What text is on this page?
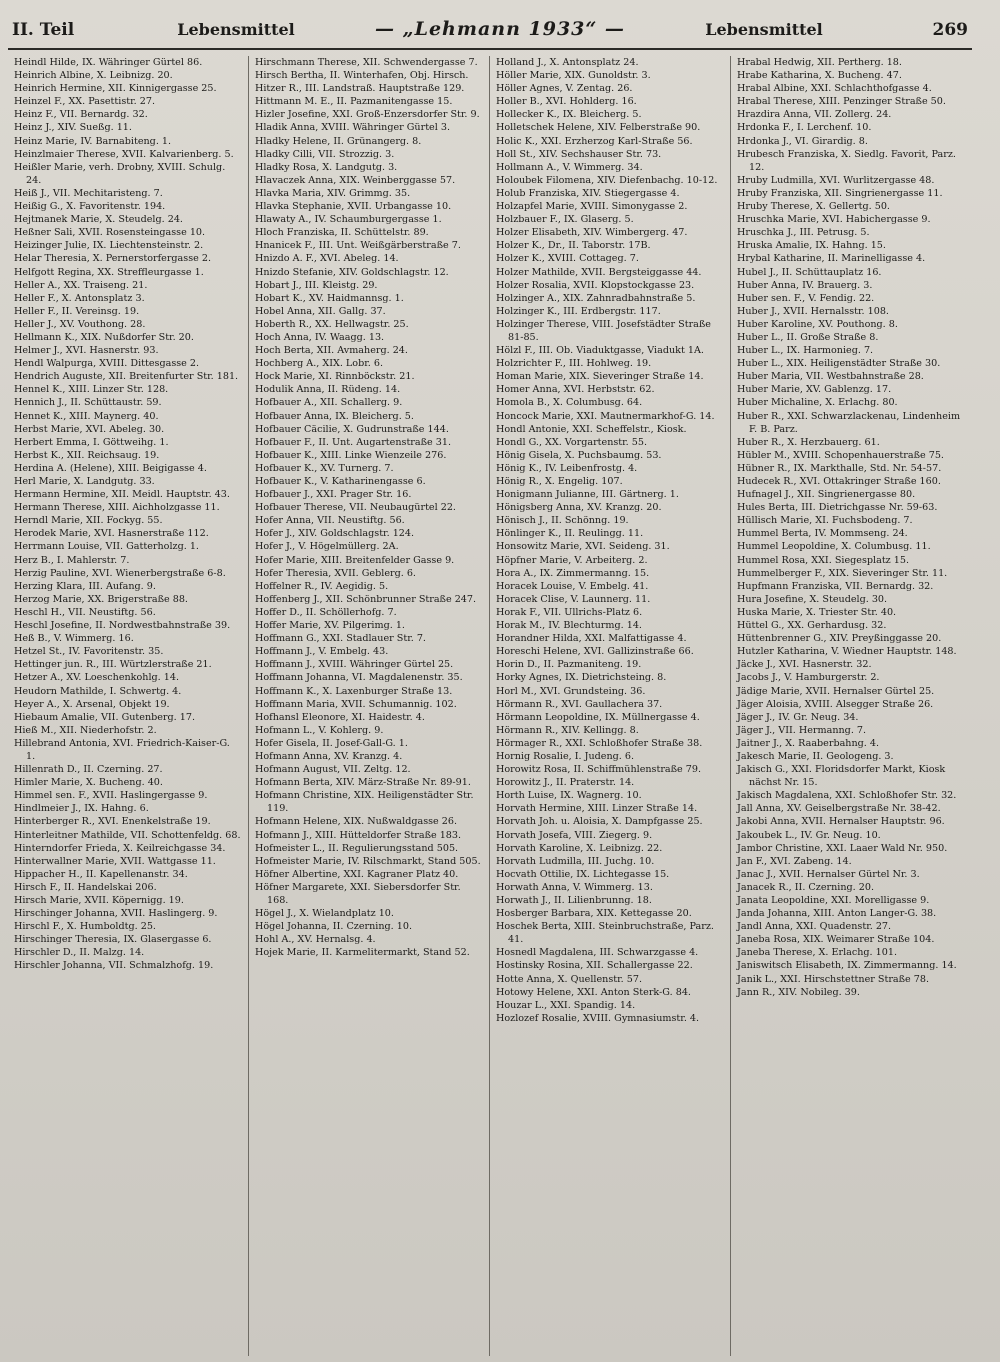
II. Teil	Lebensmittel	— „Lehmann 1933“ —	Lebensmittel	269

Heindl Hilde, IX. Währinger Gürtel 86.

Heinrich Albine, X. Leibnizg. 20.

Heinrich Hermine, XII. Kinnigergasse 25.

Heinzel F., XX. Pasettistr. 27.

Heinz F., VII. Bernardg. 32.

Heinz J., XIV. Sueßg. 11.

Heinz Marie, IV. Barnabiteng. 1.

Heinzlmaier Therese, XVII. Kalvarienberg. 5.

Heißler Marie, verh. Drobny, XVIII. Schulg. 24.

Heiß J., VII. Mechitaristeng. 7.

Heißig G., X. Favoritenstr. 194.

Hejtmanek Marie, X. Steudelg. 24.

Heßner Sali, XVII. Rosensteingasse 10.

Heizinger Julie, IX. Liechtensteinstr. 2.

Helar Theresia, X. Pernerstorfergasse 2.

Helfgott Regina, XX. Streffleurgasse 1.

Heller A., XX. Traiseng. 21.

Heller F., X. Antonsplatz 3.

Heller F., II. Vereinsg. 19.

Heller J., XV. Vouthong. 28.

Hellmann K., XIX. Nußdorfer Str. 20.

Helmer J., XVI. Hasnerstr. 93.

Hendl Walpurga, XVIII. Dittesgasse 2.

Hendrich Auguste, XII. Breitenfurter Str. 181.

Hennel K., XIII. Linzer Str. 128.

Hennich J., II. Schüttaustr. 59.

Hennet K., XIII. Maynerg. 40.

Herbst Marie, XVI. Abeleg. 30.

Herbert Emma, I. Göttweihg. 1.

Herbst K., XII. Reichsaug. 19.

Herdina A. (Helene), XIII. Beigigasse 4.

Herl Marie, X. Landgutg. 33.

Hermann Hermine, XII. Meidl. Hauptstr. 43.

Hermann Therese, XIII. Aichholzgasse 11.

Herndl Marie, XII. Fockyg. 55.

Herodek Marie, XVI. Hasnerstraße 112.

Herrmann Louise, VII. Gatterholzg. 1.

Herz B., I. Mahlerstr. 7.

Herzig Pauline, XVI. Wienerbergstraße 6-8.

Herzing Klara, III. Aufang. 9.

Herzog Marie, XX. Brigerstraße 88.

Heschl H., VII. Neustiftg. 56.

Heschl Josefine, II. Nordwestbahnstraße 39.

Heß B., V. Wimmerg. 16.

Hetzel St., IV. Favoritenstr. 35.

Hettinger jun. R., III. Würtzlerstraße 21.

Hetzer A., XV. Loeschenkohlg. 14.

Heudorn Mathilde, I. Schwertg. 4.

Heyer A., X. Arsenal, Objekt 19.

Hiebaum Amalie, VII. Gutenberg. 17.

Hieß M., XII. Niederhofstr. 2.

Hillebrand Antonia, XVI. Friedrich-Kaiser-G. 1.

Hillenrath D., II. Czerning. 27.

Himler Marie, X. Bucheng. 40.

Himmel sen. F., XVII. Haslingergasse 9.

Hindlmeier J., IX. Hahng. 6.

Hinterberger R., XVI. Enenkelstraße 19.

Hinterleitner Mathilde, VII. Schottenfeldg. 68.

Hinterndorfer Frieda, X. Keilreichgasse 34.

Hinterwallner Marie, XVII. Wattgasse 11.

Hippacher H., II. Kapellenanstr. 34.

Hirsch F., II. Handelskai 206.

Hirsch Marie, XVII. Köpernigg. 19.

Hirschinger Johanna, XVII. Haslingerg. 9.

Hirschl F., X. Humboldtg. 25.

Hirschinger Theresia, IX. Glasergasse 6.

Hirschler D., II. Malzg. 14.

Hirschler Johanna, VII. Schmalzhofg. 19.

Hirschmann Therese, XII. Schwendergasse 7.

Hirsch Bertha, II. Winterhafen, Obj. Hirsch.

Hitzer R., III. Landstraß. Hauptstraße 129.

Hittmann M. E., II. Pazmanitengasse 15.

Hizler Josefine, XXI. Groß-Enzersdorfer Str. 9.

Hladik Anna, XVIII. Währinger Gürtel 3.

Hladky Helene, II. Grünangerg. 8.

Hladky Cilli, VII. Strozzig. 3.

Hladky Rosa, X. Landgutg. 3.

Hlavaczek Anna, XIX. Weinberggasse 57.

Hlavka Maria, XIV. Grimmg. 35.

Hlavka Stephanie, XVII. Urbangasse 10.

Hlawaty A., IV. Schaumburgergasse 1.

Hloch Franziska, II. Schüttelstr. 89.

Hnanicek F., III. Unt. Weißgärberstraße 7.

Hnizdo A. F., XVI. Abeleg. 14.

Hnizdo Stefanie, XIV. Goldschlagstr. 12.

Hobart J., III. Kleistg. 29.

Hobart K., XV. Haidmannsg. 1.

Hobel Anna, XII. Gallg. 37.

Hoberth R., XX. Hellwagstr. 25.

Hoch Anna, IV. Waagg. 13.

Hoch Berta, XII. Avmaherg. 24.

Hochberg A., XIX. Lobr. 6.

Hock Marie, XI. Rinnböckstr. 21.

Hodulik Anna, II. Rüdeng. 14.

Hofbauer A., XII. Schallerg. 9.

Hofbauer Anna, IX. Bleicherg. 5.

Hofbauer Cäcilie, X. Gudrunstraße 144.

Hofbauer F., II. Unt. Augartenstraße 31.

Hofbauer K., XIII. Linke Wienzeile 276.

Hofbauer K., XV. Turnerg. 7.

Hofbauer K., V. Katharinengasse 6.

Hofbauer J., XXI. Prager Str. 16.

Hofbauer Therese, VII. Neubaugürtel 22.

Hofer Anna, VII. Neustiftg. 56.

Hofer J., XIV. Goldschlagstr. 124.

Hofer J., V. Högelmüllerg. 2A.

Hofer Marie, XIII. Breitenfelder Gasse 9.

Hofer Theresia, XVII. Geblerg. 6.

Hoffelner R., IV. Aegidig. 5.

Hoffenberg J., XII. Schönbrunner Straße 247.

Hoffer D., II. Schöllerhofg. 7.

Hoffer Marie, XV. Pilgerimg. 1.

Hoffmann G., XXI. Stadlauer Str. 7.

Hoffmann J., V. Embelg. 43.

Hoffmann J., XVIII. Währinger Gürtel 25.

Hoffmann Johanna, VI. Magdalenenstr. 35.

Hoffmann K., X. Laxenburger Straße 13.

Hoffmann Maria, XVII. Schumannig. 102.

Hofhansl Eleonore, XI. Haidestr. 4.

Hofmann L., V. Kohlerg. 9.

Hofer Gisela, II. Josef-Gall-G. 1.

Hofmann Anna, XV. Kranzg. 4.

Hofmann August, VII. Zeltg. 12.

Hofmann Berta, XIV. März-Straße Nr. 89-91.

Hofmann Christine, XIX. Heiligenstädter Str. 119.

Hofmann Helene, XIX. Nußwaldgasse 26.

Hofmann J., XIII. Hütteldorfer Straße 183.

Hofmeister L., II. Regulierungsstand 505.

Hofmeister Marie, IV. Rilschmarkt, Stand 505.

Höfner Albertine, XXI. Kagraner Platz 40.

Höfner Margarete, XXI. Siebersdorfer Str. 168.

Högel J., X. Wielandplatz 10.

Högel Johanna, II. Czerning. 10.

Hohl A., XV. Hernalsg. 4.

Hojek Marie, II. Karmelitermarkt, Stand 52.

Holland J., X. Antonsplatz 24.

Höller Marie, XIX. Gunoldstr. 3.

Höller Agnes, V. Zentag. 26.

Holler B., XVI. Hohlderg. 16.

Hollecker K., IX. Bleicherg. 5.

Holletschek Helene, XIV. Felberstraße 90.

Holic K., XXI. Erzherzog Karl-Straße 56.

Holl St., XIV. Sechshauser Str. 73.

Hollmann A., V. Wimmerg. 34.

Holoubek Filomena, XIV. Diefenbachg. 10-12.

Holub Franziska, XIV. Stiegergasse 4.

Holzapfel Marie, XVIII. Simonygasse 2.

Holzbauer F., IX. Glaserg. 5.

Holzer Elisabeth, XIV. Wimbergerg. 47.

Holzer K., Dr., II. Taborstr. 17B.

Holzer K., XVIII. Cottageg. 7.

Holzer Mathilde, XVII. Bergsteiggasse 44.

Holzer Rosalia, XVII. Klopstockgasse 23.

Holzinger A., XIX. Zahnradbahnstraße 5.

Holzinger K., III. Erdbergstr. 117.

Holzinger Therese, VIII. Josefstädter Straße 81-85.

Hölzl F., III. Ob. Viaduktgasse, Viadukt 1A.

Holzrichter F., III. Hohlweg. 19.

Homan Marie, XIX. Sieveringer Straße 14.

Homer Anna, XVI. Herbststr. 62.

Homola B., X. Columbusg. 64.

Honcock Marie, XXI. Mautnermarkhof-G. 14.

Hondl Antonie, XXI. Scheffelstr., Kiosk.

Hondl G., XX. Vorgartenstr. 55.

Hönig Gisela, X. Puchsbaumg. 53.

Hönig K., IV. Leibenfrostg. 4.

Hönig R., X. Engelig. 107.

Honigmann Julianne, III. Gärtnerg. 1.

Hönigsberg Anna, XV. Kranzg. 20.

Hönisch J., II. Schönng. 19.

Hönlinger K., II. Reulingg. 11.

Honsowitz Marie, XVI. Seideng. 31.

Höpfner Marie, V. Arbeiterg. 2.

Hora A., IX. Zimmermanng. 15.

Horacek Louise, V. Embelg. 41.

Horacek Clise, V. Launnerg. 11.

Horak F., VII. Ullrichs-Platz 6.

Horak M., IV. Blechturmg. 14.

Horandner Hilda, XXI. Malfattigasse 4.

Horeschi Helene, XVI. Gallizinstraße 66.

Horin D., II. Pazmaniteng. 19.

Horky Agnes, IX. Dietrichsteing. 8.

Horl M., XVI. Grundsteing. 36.

Hörmann R., XVI. Gaullachera 37.

Hörmann Leopoldine, IX. Müllnergasse 4.

Hörmann R., XIV. Kellingg. 8.

Hörmager R., XXI. Schloßhofer Straße 38.

Hornig Rosalie, I. Judeng. 6.

Horowitz Rosa, II. Schiffmühlenstraße 79.

Horowitz J., II. Praterstr. 14.

Horth Luise, IX. Wagnerg. 10.

Horvath Hermine, XIII. Linzer Straße 14.

Horvath Joh. u. Aloisia, X. Dampfgasse 25.

Horvath Josefa, VIII. Ziegerg. 9.

Horvath Karoline, X. Leibnizg. 22.

Horvath Ludmilla, III. Juchg. 10.

Hocvath Ottilie, IX. Lichtegasse 15.

Horwath Anna, V. Wimmerg. 13.

Horwath J., II. Lilienbrunng. 18.

Hosberger Barbara, XIX. Kettegasse 20.

Hoschek Berta, XIII. Steinbruchstraße, Parz. 41.

Hosnedl Magdalena, III. Schwarzgasse 4.

Hostinsky Rosina, XII. Schallergasse 22.

Hotte Anna, X. Quellenstr. 57.

Hotowy Helene, XXI. Anton Sterk-G. 84.

Houzar L., XXI. Spandig. 14.

Hozlozef Rosalie, XVIII. Gymnasiumstr. 4.

Hrabal Hedwig, XII. Pertherg. 18.

Hrabe Katharina, X. Bucheng. 47.

Hrabal Albine, XXI. Schlachthofgasse 4.

Hrabal Therese, XIII. Penzinger Straße 50.

Hrazdira Anna, VII. Zollerg. 24.

Hrdonka F., I. Lerchenf. 10.

Hrdonka J., VI. Girardig. 8.

Hrubesch Franziska, X. Siedlg. Favorit, Parz. 12.

Hruby Ludmilla, XVI. Wurlitzergasse 48.

Hruby Franziska, XII. Singrienergasse 11.

Hruby Therese, X. Gellertg. 50.

Hruschka Marie, XVI. Habichergasse 9.

Hruschka J., III. Petrusg. 5.

Hruska Amalie, IX. Hahng. 15.

Hrybal Katharine, II. Marinelligasse 4.

Hubel J., II. Schüttauplatz 16.

Huber Anna, IV. Brauerg. 3.

Huber sen. F., V. Fendig. 22.

Huber J., XVII. Hernalsstr. 108.

Huber Karoline, XV. Pouthong. 8.

Huber L., II. Große Straße 8.

Huber L., IX. Harmonieg. 7.

Huber L., XIX. Heiligenstädter Straße 30.

Huber Maria, VII. Westbahnstraße 28.

Huber Marie, XV. Gablenzg. 17.

Huber Michaline, X. Erlachg. 80.

Huber R., XXI. Schwarzlackenau, Lindenheim F. B. Parz.

Huber R., X. Herzbauerg. 61.

Hübler M., XVIII. Schopenhauerstraße 75.

Hübner R., IX. Markthalle, Std. Nr. 54-57.

Hudecek R., XVI. Ottakringer Straße 160.

Hufnagel J., XII. Singrienergasse 80.

Hules Berta, III. Dietrichgasse Nr. 59-63.

Hüllisch Marie, XI. Fuchsbodeng. 7.

Hummel Berta, IV. Mommseng. 24.

Hummel Leopoldine, X. Columbusg. 11.

Hummel Rosa, XXI. Siegesplatz 15.

Hummelberger F., XIX. Sieveringer Str. 11.

Hupfmann Franziska, VII. Bernardg. 32.

Hura Josefine, X. Steudelg. 30.

Huska Marie, X. Triester Str. 40.

Hüttel G., XX. Gerhardusg. 32.

Hüttenbrenner G., XIV. Preyßinggasse 20.

Hutzler Katharina, V. Wiedner Hauptstr. 148.

Jäcke J., XVI. Hasnerstr. 32.

Jacobs J., V. Hamburgerstr. 2.

Jädige Marie, XVII. Hernalser Gürtel 25.

Jäger Aloisia, XVIII. Alsegger Straße 26.

Jäger J., IV. Gr. Neug. 34.

Jäger J., VII. Hermanng. 7.

Jaitner J., X. Raaberbahng. 4.

Jakesch Marie, II. Geologeng. 3.

Jakisch G., XXI. Floridsdorfer Markt, Kiosk nächst Nr. 15.

Jakisch Magdalena, XXI. Schloßhofer Str. 32.

Jall Anna, XV. Geiselbergstraße Nr. 38-42.

Jakobi Anna, XVII. Hernalser Hauptstr. 96.

Jakoubek L., IV. Gr. Neug. 10.

Jambor Christine, XXI. Laaer Wald Nr. 950.

Jan F., XVI. Zabeng. 14.

Janac J., XVII. Hernalser Gürtel Nr. 3.

Janacek R., II. Czerning. 20.

Janata Leopoldine, XXI. Morelligasse 9.

Janda Johanna, XIII. Anton Langer-G. 38.

Jandl Anna, XXI. Quadenstr. 27.

Janeba Rosa, XIX. Weimarer Straße 104.

Janeba Therese, X. Erlachg. 101.

Janiswitsch Elisabeth, IX. Zimmermanng. 14.

Janik L., XXI. Hirschstettner Straße 78.

Jann R., XIV. Nobileg. 39.
